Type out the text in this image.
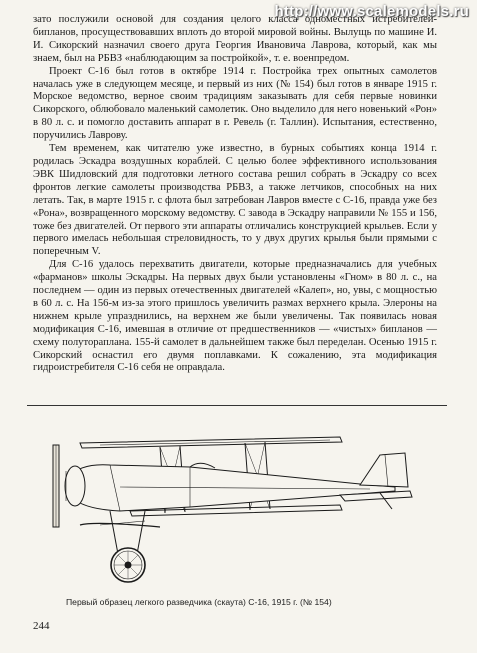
http://www.scalemodels.ru

зато послужили основой для создания целого класса одноместных истребителей-бипланов, просуществовавших вплоть до второй мировой войны. Вылущь по машине И. И. Сикорский назначил своего друга Георгия Ивановича Лаврова, который, как мы знаем, был на РБВЗ «наблюдающим за постройкой», т. е. военпредом.

Проект С-16 был готов в октябре 1914 г. Постройка трех опытных самолетов началась уже в следующем месяце, и первый из них (№ 154) был готов в январе 1915 г. Морское ведомство, верное своим традициям заказывать для себя первые новинки Сикорского, облюбовало маленький самолетик. Оно выделило для него новенький «Рон» в 80 л. с. и помогло доставить аппарат в г. Ревель (г. Таллин). Испытания, естественно, поручились Лаврову.

Тем временем, как читателю уже известно, в бурных событиях конца 1914 г. родилась Эскадра воздушных кораблей. С целью более эффективного использования ЭВК Шидловский для подготовки летного состава решил собрать в Эскадру со всех фронтов легкие самолеты производства РБВЗ, а также летчиков, способных на них летать. Так, в марте 1915 г. с флота был затребован Лавров вместе с С-16, правда уже без «Рона», возвращенного морскому ведомству. С завода в Эскадру направили № 155 и 156, тоже без двигателей. От первого эти аппараты отличались конструкцией крыльев. Если у первого имелась небольшая стреловидность, то у двух других крылья были прямыми с поперечным V.

Для С-16 удалось перехватить двигатели, которые предназначались для учебных «фарманов» школы Эскадры. На первых двух были установлены «Гном» в 80 л. с., на последнем — один из первых отечественных двигателей «Калеп», но, увы, с мощностью в 60 л. с. На 156-м из-за этого пришлось увеличить размах верхнего крыла. Элероны на нижнем крыле упразднились, на верхнем же были увеличены. Так появилась новая модификация С-16, имевшая в отличие от предшественников — «чистых» бипланов — схему полуторапланa. 155-й самолет в дальнейшем также был переделан. Осенью 1915 г. Сикорский оснастил его двумя поплавками. К сожалению, эта модификация гидроистребителя С-16 себя не оправдала.

Первый образец легкого разведчика (скаута) С-16, 1915 г. (№ 154)
244
